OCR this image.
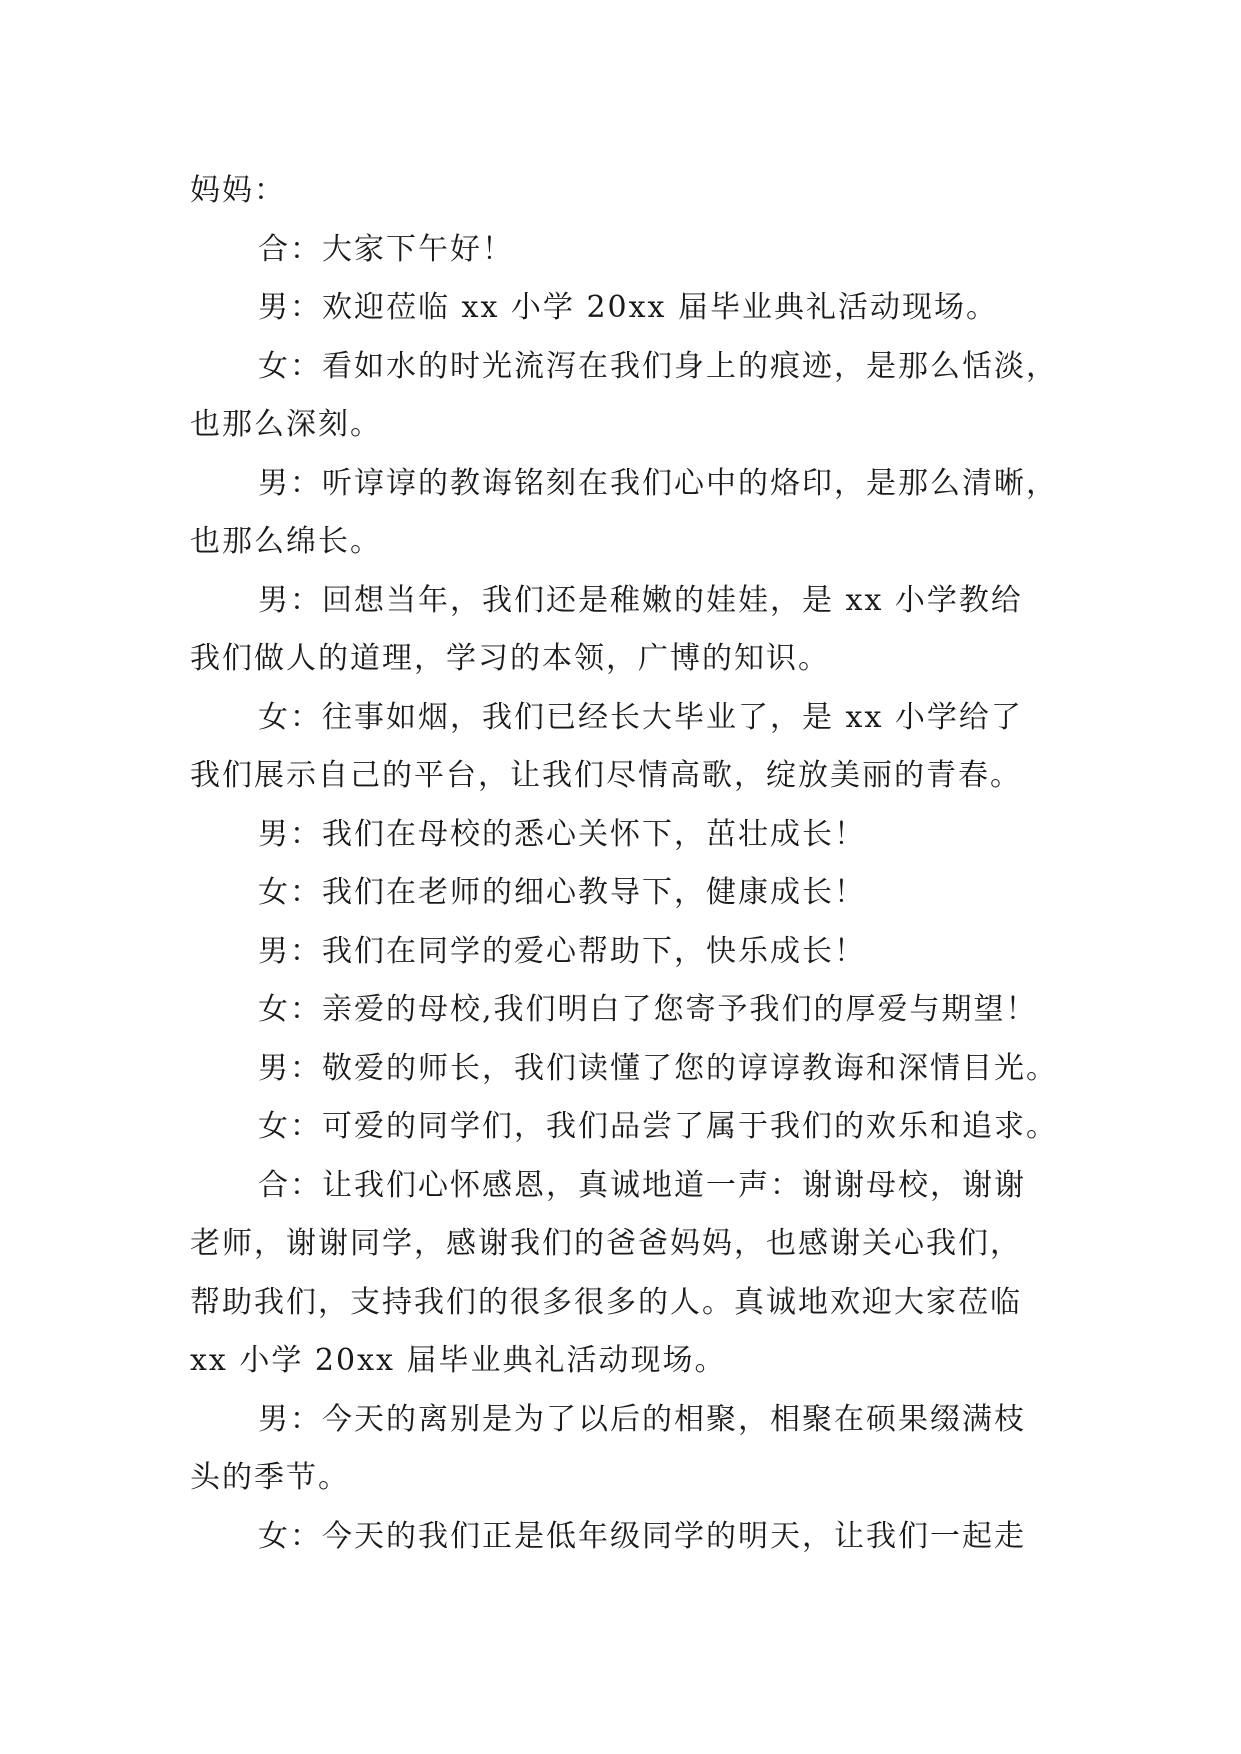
妈妈：
合：大家下午好！
男：欢迎莅临 xx 小学 20xx 届毕业典礼活动现场。
女：看如水的时光流泻在我们身上的痕迹，是那么恬淡，
也那么深刻。
男：听谆谆的教诲铭刻在我们心中的烙印，是那么清晰，
也那么绵长。
男：回想当年，我们还是稚嫩的娃娃，是 xx 小学教给
我们做人的道理，学习的本领，广博的知识。
女：往事如烟，我们已经长大毕业了，是 xx 小学给了
我们展示自己的平台，让我们尽情高歌，绽放美丽的青春。
男：我们在母校的悉心关怀下，茁壮成长！
女：我们在老师的细心教导下，健康成长！
男：我们在同学的爱心帮助下，快乐成长！
女：亲爱的母校,我们明白了您寄予我们的厚爱与期望！
男：敬爱的师长，我们读懂了您的谆谆教诲和深情目光。
女：可爱的同学们，我们品尝了属于我们的欢乐和追求。
合：让我们心怀感恩，真诚地道一声：谢谢母校，谢谢
老师，谢谢同学，感谢我们的爸爸妈妈，也感谢关心我们，
帮助我们，支持我们的很多很多的人。真诚地欢迎大家莅临
xx 小学 20xx 届毕业典礼活动现场。
男：今天的离别是为了以后的相聚，相聚在硕果缀满枝
头的季节。
女：今天的我们正是低年级同学的明天，让我们一起走
